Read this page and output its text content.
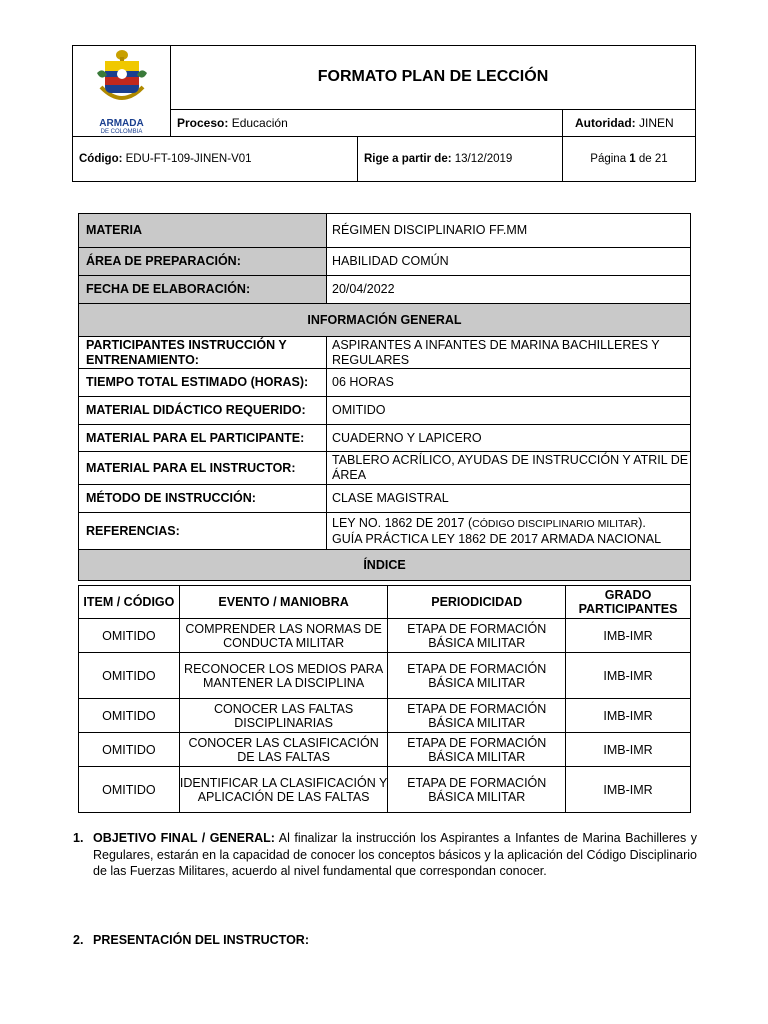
ARMADA
DE COLOMBIA	FORMATO PLAN DE LECCIÓN		
	Proceso: Educación		Autoridad: JINEN
Código: EDU-FT-109-JINEN-V01		Rige a partir de: 13/12/2019	Página 1 de 21
MATERIA	RÉGIMEN DISCIPLINARIO FF.MM
ÁREA DE PREPARACIÓN:	HABILIDAD COMÚN
FECHA DE ELABORACIÓN:	20/04/2022
INFORMACIÓN GENERAL	
PARTICIPANTES INSTRUCCIÓN Y ENTRENAMIENTO:	ASPIRANTES A INFANTES DE MARINA BACHILLERES Y REGULARES
TIEMPO TOTAL ESTIMADO (HORAS):	06 HORAS
MATERIAL DIDÁCTICO REQUERIDO:	OMITIDO
MATERIAL PARA EL PARTICIPANTE:	CUADERNO Y LAPICERO
MATERIAL PARA EL INSTRUCTOR:	TABLERO ACRÍLICO, AYUDAS DE INSTRUCCIÓN Y ATRIL DE ÁREA
MÉTODO DE INSTRUCCIÓN:	CLASE MAGISTRAL
REFERENCIAS:	LEY NO. 1862 DE 2017 (CÓDIGO DISCIPLINARIO MILITAR).
GUÍA PRÁCTICA LEY 1862 DE 2017 ARMADA NACIONAL

ÍNDICE	
ITEM / CÓDIGO	EVENTO / MANIOBRA	PERIODICIDAD	GRADO PARTICIPANTES
OMITIDO	COMPRENDER LAS NORMAS DE CONDUCTA MILITAR	ETAPA DE FORMACIÓN BÁSICA MILITAR	IMB-IMR
OMITIDO	RECONOCER LOS MEDIOS PARA MANTENER LA DISCIPLINA	ETAPA DE FORMACIÓN BÁSICA MILITAR	IMB-IMR
OMITIDO	CONOCER LAS FALTAS DISCIPLINARIAS	ETAPA DE FORMACIÓN BÁSICA MILITAR	IMB-IMR
OMITIDO	CONOCER LAS CLASIFICACIÓN DE LAS FALTAS	ETAPA DE FORMACIÓN BÁSICA MILITAR	IMB-IMR
OMITIDO	IDENTIFICAR LA CLASIFICACIÓN Y APLICACIÓN DE LAS FALTAS	ETAPA DE FORMACIÓN BÁSICA MILITAR	IMB-IMR
1. OBJETIVO FINAL / GENERAL: Al finalizar la instrucción los Aspirantes a Infantes de Marina Bachilleres y Regulares, estarán en la capacidad de conocer los conceptos básicos y la aplicación del Código Disciplinario de las Fuerzas Militares, acuerdo al nivel fundamental que correspondan conocer.
2. PRESENTACIÓN DEL INSTRUCTOR:
